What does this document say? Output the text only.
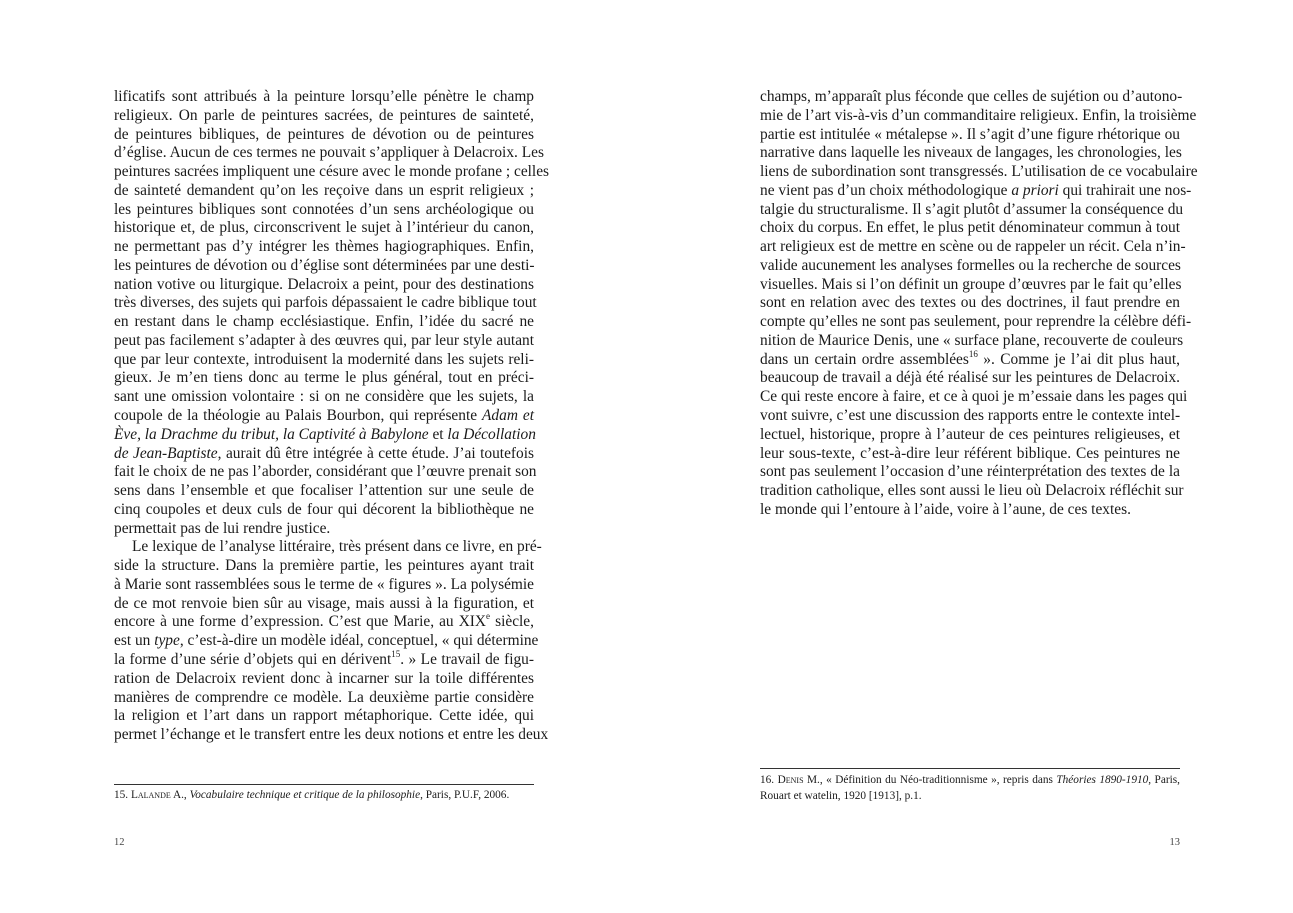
lificatifs sont attribués à la peinture lorsqu’elle pénètre le champ
religieux. On parle de peintures sacrées, de peintures de sainteté,
de peintures bibliques, de peintures de dévotion ou de peintures
d’église. Aucun de ces termes ne pouvait s’appliquer à Delacroix. Les
peintures sacrées impliquent une césure avec le monde profane ; celles
de sainteté demandent qu’on les reçoive dans un esprit religieux ;
les peintures bibliques sont connotées d’un sens archéologique ou
historique et, de plus, circonscrivent le sujet à l’intérieur du canon,
ne permettant pas d’y intégrer les thèmes hagiographiques. Enfin,
les peintures de dévotion ou d’église sont déterminées par une desti-
nation votive ou liturgique. Delacroix a peint, pour des destinations
très diverses, des sujets qui parfois dépassaient le cadre biblique tout
en restant dans le champ ecclésiastique. Enfin, l’idée du sacré ne
peut pas facilement s’adapter à des œuvres qui, par leur style autant
que par leur contexte, introduisent la modernité dans les sujets reli-
gieux. Je m’en tiens donc au terme le plus général, tout en préci-
sant une omission volontaire : si on ne considère que les sujets, la
coupole de la théologie au Palais Bourbon, qui représente Adam et
Ève, la Drachme du tribut, la Captivité à Babylone et la Décollation
de Jean-Baptiste, aurait dû être intégrée à cette étude. J’ai toutefois
fait le choix de ne pas l’aborder, considérant que l’œuvre prenait son
sens dans l’ensemble et que focaliser l’attention sur une seule de
cinq coupoles et deux culs de four qui décorent la bibliothèque ne
permettait pas de lui rendre justice.
Le lexique de l’analyse littéraire, très présent dans ce livre, en pré-
side la structure. Dans la première partie, les peintures ayant trait
à Marie sont rassemblées sous le terme de « figures ». La polysémie
de ce mot renvoie bien sûr au visage, mais aussi à la figuration, et
encore à une forme d’expression. C’est que Marie, au XIXe siècle,
est un type, c’est-à-dire un modèle idéal, conceptuel, « qui détermine
la forme d’une série d’objets qui en dérivent$^{15}$. » Le travail de figu-
ration de Delacroix revient donc à incarner sur la toile différentes
manières de comprendre ce modèle. La deuxième partie considère
la religion et l’art dans un rapport métaphorique. Cette idée, qui
permet l’échange et le transfert entre les deux notions et entre les deux
15. Lalande A., Vocabulaire technique et critique de la philosophie, Paris, P.U.F, 2006.
12
champs, m’apparaît plus féconde que celles de sujétion ou d’autono-
mie de l’art vis-à-vis d’un commanditaire religieux. Enfin, la troisième
partie est intitulée « métalepse ». Il s’agit d’une figure rhétorique ou
narrative dans laquelle les niveaux de langages, les chronologies, les
liens de subordination sont transgressés. L’utilisation de ce vocabulaire
ne vient pas d’un choix méthodologique a priori qui trahirait une nos-
talgie du structuralisme. Il s’agit plutôt d’assumer la conséquence du
choix du corpus. En effet, le plus petit dénominateur commun à tout
art religieux est de mettre en scène ou de rappeler un récit. Cela n’in-
valide aucunement les analyses formelles ou la recherche de sources
visuelles. Mais si l’on définit un groupe d’œuvres par le fait qu’elles
sont en relation avec des textes ou des doctrines, il faut prendre en
compte qu’elles ne sont pas seulement, pour reprendre la célèbre défi-
nition de Maurice Denis, une « surface plane, recouverte de couleurs
dans un certain ordre assemblées$^{16}$ ». Comme je l’ai dit plus haut,
beaucoup de travail a déjà été réalisé sur les peintures de Delacroix.
Ce qui reste encore à faire, et ce à quoi je m’essaie dans les pages qui
vont suivre, c’est une discussion des rapports entre le contexte intel-
lectuel, historique, propre à l’auteur de ces peintures religieuses, et
leur sous-texte, c’est-à-dire leur référent biblique. Ces peintures ne
sont pas seulement l’occasion d’une réinterprétation des textes de la
tradition catholique, elles sont aussi le lieu où Delacroix réfléchit sur
le monde qui l’entoure à l’aide, voire à l’aune, de ces textes.
16. Denis M., « Définition du Néo-traditionnisme », repris dans Théories 1890-1910, Paris,
Rouart et watelin, 1920 [1913], p.1.
13
